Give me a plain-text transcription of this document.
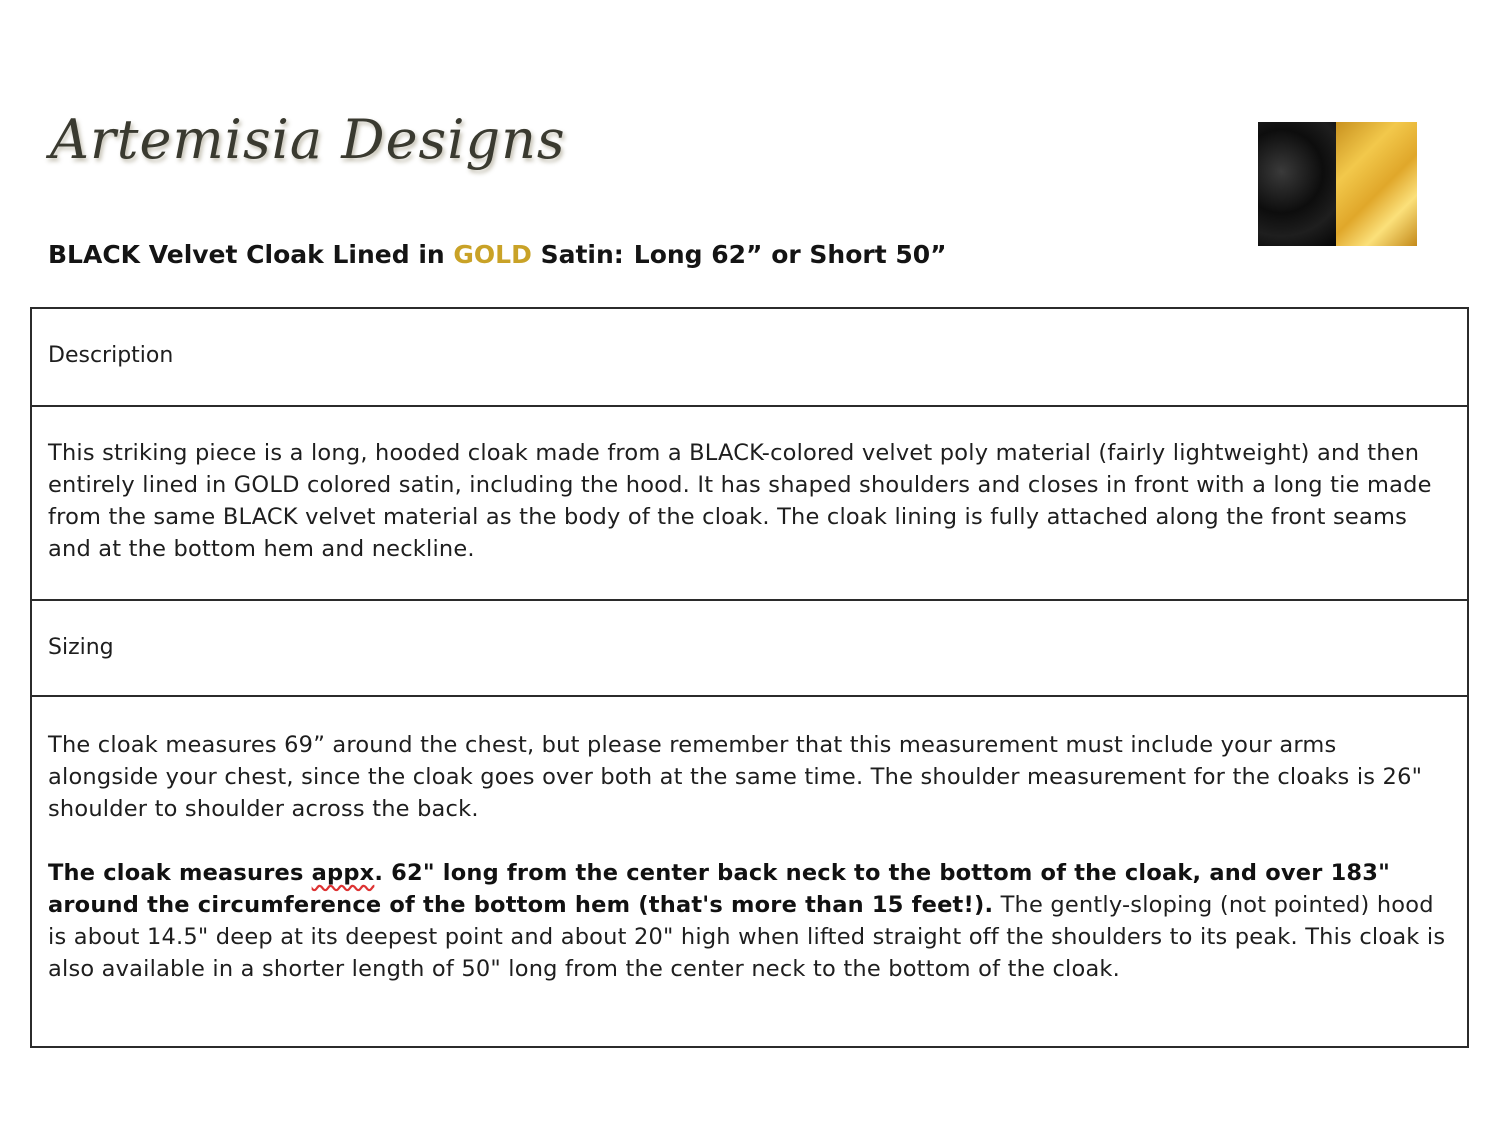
Artemisia Designs
BLACK Velvet Cloak Lined in GOLD Satin: Long 62” or Short 50”
Description
This striking piece is a long, hooded cloak made from a BLACK-colored velvet poly material (fairly lightweight) and then entirely lined in GOLD colored satin, including the hood. It has shaped shoulders and closes in front with a long tie made from the same BLACK velvet material as the body of the cloak. The cloak lining is fully attached along the front seams and at the bottom hem and neckline.
Sizing
The cloak measures 69” around the chest, but please remember that this measurement must include your arms alongside your chest, since the cloak goes over both at the same time. The shoulder measurement for the cloaks is 26" shoulder to shoulder across the back.
The cloak measures appx. 62" long from the center back neck to the bottom of the cloak, and over 183" around the circumference of the bottom hem (that's more than 15 feet!). The gently-sloping (not pointed) hood is about 14.5" deep at its deepest point and about 20" high when lifted straight off the shoulders to its peak. This cloak is also available in a shorter length of 50" long from the center neck to the bottom of the cloak.
